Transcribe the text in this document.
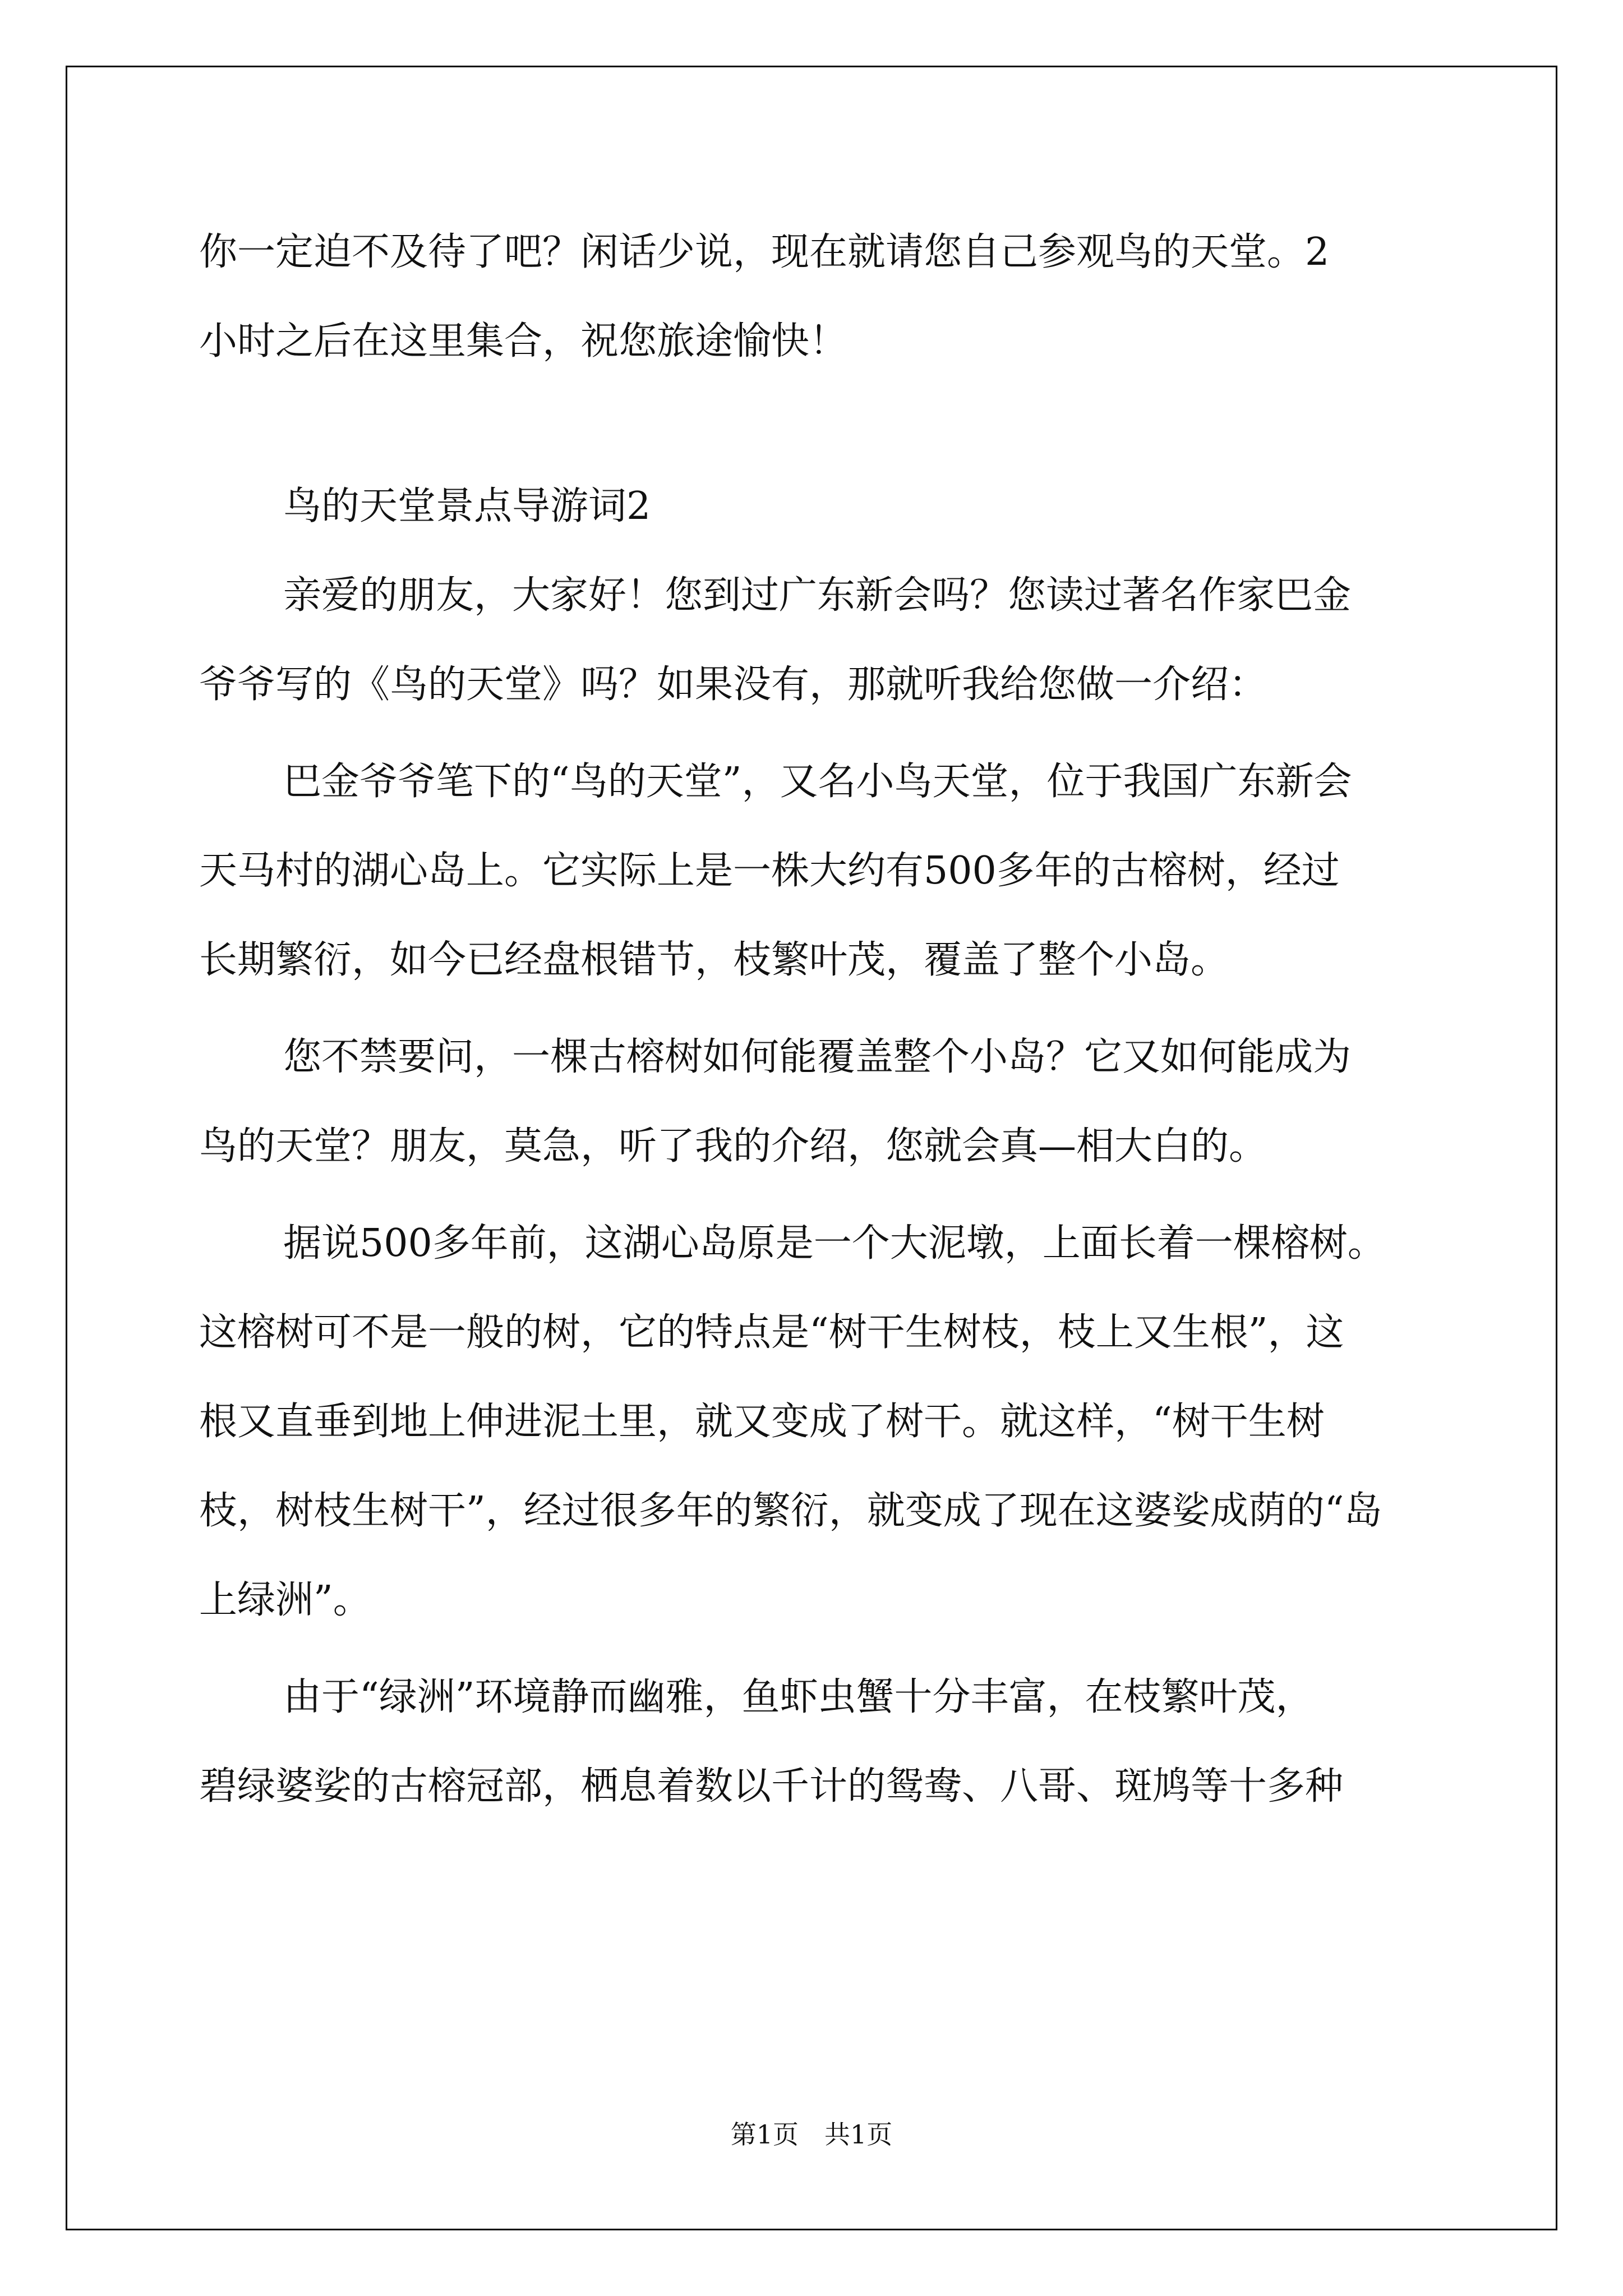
你一定迫不及待了吧？闲话少说，现在就请您自己参观鸟的天堂。2
小时之后在这里集合，祝您旅途愉快！
鸟的天堂景点导游词2
亲爱的朋友，大家好！您到过广东新会吗？您读过著名作家巴金
爷爷写的《鸟的天堂》吗？如果没有，那就听我给您做一介绍：
巴金爷爷笔下的“鸟的天堂”，又名小鸟天堂，位于我国广东新会
天马村的湖心岛上。它实际上是一株大约有500多年的古榕树，经过
长期繁衍，如今已经盘根错节，枝繁叶茂，覆盖了整个小岛。
您不禁要问，一棵古榕树如何能覆盖整个小岛？它又如何能成为
鸟的天堂？朋友，莫急，听了我的介绍，您就会真—相大白的。
据说500多年前，这湖心岛原是一个大泥墩，上面长着一棵榕树。
这榕树可不是一般的树，它的特点是“树干生树枝，枝上又生根”，这
根又直垂到地上伸进泥土里，就又变成了树干。就这样，“树干生树
枝，树枝生树干”，经过很多年的繁衍，就变成了现在这婆娑成荫的“岛
上绿洲”。
由于“绿洲”环境静而幽雅，鱼虾虫蟹十分丰富，在枝繁叶茂，
碧绿婆娑的古榕冠部，栖息着数以千计的鸳鸯、八哥、斑鸠等十多种
第1页 共1页
